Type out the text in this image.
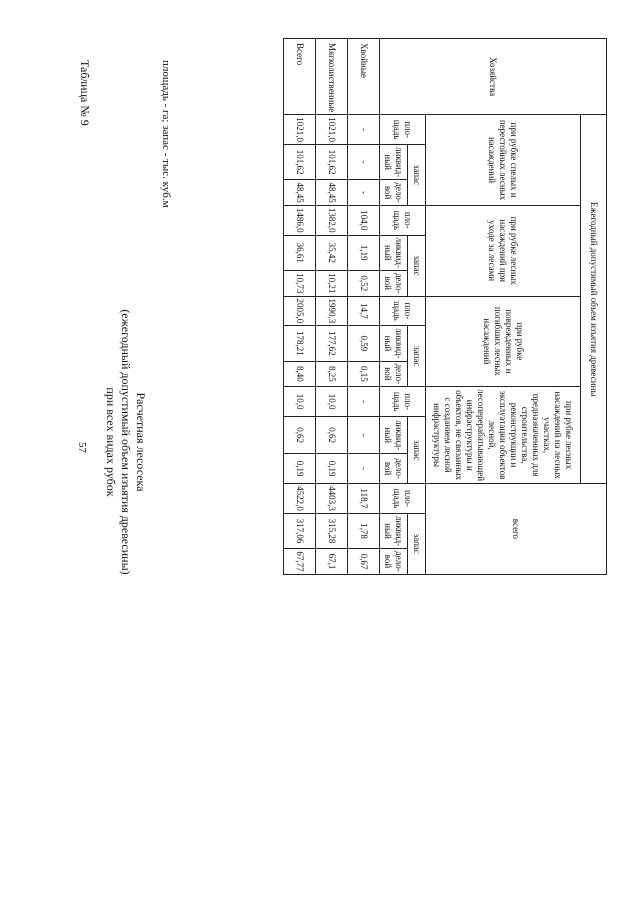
57
Таблица № 9
Расчетная лесосека
(ежегодный допустимый объем изъятия древесины)
при всех видах рубок
площадь - га; запас - тыс. куб.м	Хозяйства	Ежегодный допустимый объем изъятия древесины												всего		
	при рубке спелых и перестойных лесных насаждений			при рубке лесных насаждений при уходе за лесами			при рубке поврежденных и погибших лесных насаждений			при рубке лесных насаждений на лесных участках, предназначенных для строительства, реконструкции и эксплуатации объектов лесной, лесоперерабатывающей инфраструктуры и объектов, не связанных с созданием лесной инфраструктуры					
	пло-щадь	запас		пло-щадь	запас		пло-щадь	запас		пло-щадь	запас		пло-щадь	запас	
		ликвид-ный	дело-вой		ликвид-ный	дело-вой		ликвид-ный	дело-вой		ликвид-ный	дело-вой		ликвид-ный	дело-вой
Хвойные	-	-	-	104,0	1,19	0,52	14,7	0,59	0,15	-	-	-	118,7	1,78	0,67
Мягколиственные	1021,0	101,62	48,45	1382,0	35,42	10,21	1990,3	177,62	8,25	10,0	0,62	0,19	4403,3	315,28	67,1
Всего	1021,0	101,62	48,45	1486,0	36,61	10,73	2005,0	178,21	8,40	10,0	0,62	0,19	4522,0	317,06	67,77
